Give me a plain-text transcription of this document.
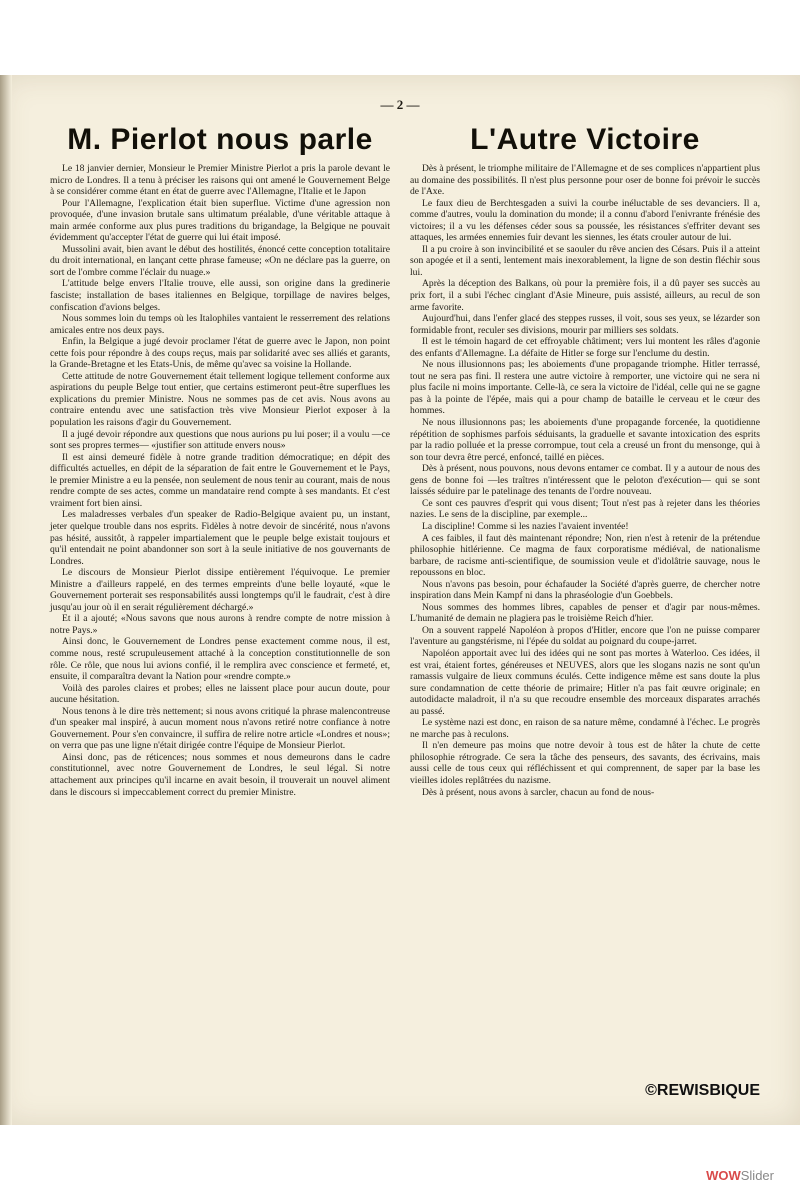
— 2 —
M. Pierlot nous parle

Le 18 janvier dernier, Monsieur le Premier Ministre Pierlot a pris la parole devant le micro de Londres. Il a tenu à préciser les raisons qui ont amené le Gouvernement Belge à se considérer comme étant en état de guerre avec l'Allemagne, l'Italie et le Japon

Pour l'Allemagne, l'explication était bien superflue. Victime d'une agression non provoquée, d'une invasion brutale sans ultimatum préalable, d'une véritable attaque à main armée conforme aux plus pures traditions du brigandage, la Belgique ne pouvait évidemment qu'accepter l'état de guerre qui lui était imposé.

Mussolini avait, bien avant le début des hostilités, énoncé cette conception totalitaire du droit international, en lançant cette phrase fameuse; «On ne déclare pas la guerre, on sort de l'ombre comme l'éclair du nuage.»

L'attitude belge envers l'Italie trouve, elle aussi, son origine dans la gredinerie fasciste; installation de bases italiennes en Belgique, torpillage de navires belges, confiscation d'avions belges.

Nous sommes loin du temps où les Italophiles vantaient le resserrement des relations amicales entre nos deux pays.

Enfin, la Belgique a jugé devoir proclamer l'état de guerre avec le Japon, non point cette fois pour répondre à des coups reçus, mais par solidarité avec ses alliés et garants, la Grande-Bretagne et les Etats-Unis, de même qu'avec sa voisine la Hollande.

Cette attitude de notre Gouvernement était tellement logique tellement conforme aux aspirations du peuple Belge tout entier, que certains estimeront peut-être superflues les explications du premier Ministre. Nous ne sommes pas de cet avis. Nous avons au contraire entendu avec une satisfaction très vive Monsieur Pierlot exposer à la population les raisons d'agir du Gouvernement.

Il a jugé devoir répondre aux questions que nous aurions pu lui poser; il a voulu —ce sont ses propres termes— «justifier son attitude envers nous»

Il est ainsi demeuré fidèle à notre grande tradition démocratique; en dépit des difficultés actuelles, en dépit de la séparation de fait entre le Gouvernement et le Pays, le premier Ministre a eu la pensée, non seulement de nous tenir au courant, mais de nous rendre compte de ses actes, comme un mandataire rend compte à ses mandants. Et c'est vraiment fort bien ainsi.

Les maladresses verbales d'un speaker de Radio-Belgique avaient pu, un instant, jeter quelque trouble dans nos esprits. Fidèles à notre devoir de sincérité, nous n'avons pas hésité, aussitôt, à rappeler impartialement que le peuple belge existait toujours et qu'il entendait ne point abandonner son sort à la seule initiative de nos gouvernants de Londres.

Le discours de Monsieur Pierlot dissipe entièrement l'équivoque. Le premier Ministre a d'ailleurs rappelé, en des termes empreints d'une belle loyauté, «que le Gouvernement porterait ses responsabilités aussi longtemps qu'il le faudrait, c'est à dire jusqu'au jour où il en serait régulièrement déchargé.»

Et il a ajouté; «Nous savons que nous aurons à rendre compte de notre mission à notre Pays.»

Ainsi donc, le Gouvernement de Londres pense exactement comme nous, il est, comme nous, resté scrupuleusement attaché à la conception constitutionnelle de son rôle. Ce rôle, que nous lui avions confié, il le remplira avec conscience et fermeté, et, ensuite, il comparaîtra devant la Nation pour «rendre compte.»

Voilà des paroles claires et probes; elles ne laissent place pour aucun doute, pour aucune hésitation.

Nous tenons à le dire très nettement; si nous avons critiqué la phrase malencontreuse d'un speaker mal inspiré, à aucun moment nous n'avons retiré notre confiance à notre Gouvernement. Pour s'en convaincre, il suffira de relire notre article «Londres et nous»; on verra que pas une ligne n'était dirigée contre l'équipe de Monsieur Pierlot.

Ainsi donc, pas de réticences; nous sommes et nous demeurons dans le cadre constitutionnel, avec notre Gouvernement de Londres, le seul légal. Si notre attachement aux principes qu'il incarne en avait besoin, il trouverait un nouvel aliment dans le discours si impeccablement correct du premier Ministre.

L'Autre Victoire

Dès à présent, le triomphe militaire de l'Allemagne et de ses complices n'appartient plus au domaine des possibilités. Il n'est plus personne pour oser de bonne foi prévoir le succès de l'Axe.

Le faux dieu de Berchtesgaden a suivi la courbe inéluctable de ses devanciers. Il a, comme d'autres, voulu la domination du monde; il a connu d'abord l'enivrante frénésie des victoires; il a vu les défenses céder sous sa poussée, les résistances s'effriter devant ses attaques, les armées ennemies fuir devant les siennes, les états crouler autour de lui.

Il a pu croire à son invincibilité et se saouler du rêve ancien des Césars. Puis il a atteint son apogée et il a senti, lentement mais inexorablement, la ligne de son destin fléchir sous lui.

Après la déception des Balkans, où pour la première fois, il a dû payer ses succès au prix fort, il a subi l'échec cinglant d'Asie Mineure, puis assisté, ailleurs, au recul de son arme favorite.

Aujourd'hui, dans l'enfer glacé des steppes russes, il voit, sous ses yeux, se lézarder son formidable front, reculer ses divisions, mourir par milliers ses soldats.

Il est le témoin hagard de cet effroyable châtiment; vers lui montent les râles d'agonie des enfants d'Allemagne. La défaite de Hitler se forge sur l'enclume du destin.

Ne nous illusionnons pas; les aboiements d'une propagande triomphe. Hitler terrassé, tout ne sera pas fini. Il restera une autre victoire à remporter, une victoire qui ne sera ni plus facile ni moins importante. Celle-là, ce sera la victoire de l'idéal, celle qui ne se gagne pas à la pointe de l'épée, mais qui a pour champ de bataille le cerveau et le cœur des hommes.

Ne nous illusionnons pas; les aboiements d'une propagande forcenée, la quotidienne répétition de sophismes parfois séduisants, la graduelle et savante intoxication des esprits par la radio polluée et la presse corrompue, tout cela a creusé un front du mensonge, qui à son tour devra être percé, enfoncé, taillé en pièces.

Dès à présent, nous pouvons, nous devons entamer ce combat. Il y a autour de nous des gens de bonne foi —les traîtres n'intéressent que le peloton d'exécution— qui se sont laissés séduire par le patelinage des tenants de l'ordre nouveau.

Ce sont ces pauvres d'esprit qui vous disent; Tout n'est pas à rejeter dans les théories nazies. Le sens de la discipline, par exemple...

La discipline! Comme si les nazies l'avaient inventée!

A ces faibles, il faut dès maintenant répondre; Non, rien n'est à retenir de la prétendue philosophie hitlérienne. Ce magma de faux corporatisme médiéval, de nationalisme barbare, de racisme anti-scientifique, de soumission veule et d'idolâtrie sauvage, nous le repoussons en bloc.

Nous n'avons pas besoin, pour échafauder la Société d'après guerre, de chercher notre inspiration dans Mein Kampf ni dans la phraséologie d'un Goebbels.

Nous sommes des hommes libres, capables de penser et d'agir par nous-mêmes. L'humanité de demain ne plagiera pas le troisième Reich d'hier.

On a souvent rappelé Napoléon à propos d'Hitler, encore que l'on ne puisse comparer l'aventure au gangstérisme, ni l'épée du soldat au poignard du coupe-jarret.

Napoléon apportait avec lui des idées qui ne sont pas mortes à Waterloo. Ces idées, il est vrai, étaient fortes, généreuses et NEUVES, alors que les slogans nazis ne sont qu'un ramassis vulgaire de lieux communs éculés. Cette indigence même est sans doute la plus sure condamnation de cette théorie de primaire; Hitler n'a pas fait œuvre originale; en autodidacte maladroit, il n'a su que recoudre ensemble des morceaux disparates arrachés au passé.

Le système nazi est donc, en raison de sa nature même, condamné à l'échec. Le progrès ne marche pas à reculons.

Il n'en demeure pas moins que notre devoir à tous est de hâter la chute de cette philosophie rétrograde. Ce sera la tâche des penseurs, des savants, des écrivains, mais aussi celle de tous ceux qui réfléchissent et qui comprennent, de saper par la base les vieilles idoles replâtrées du nazisme.

Dès à présent, nous avons à sarcler, chacun au fond de nous-

©REWISBIQUE
WOWSlider
